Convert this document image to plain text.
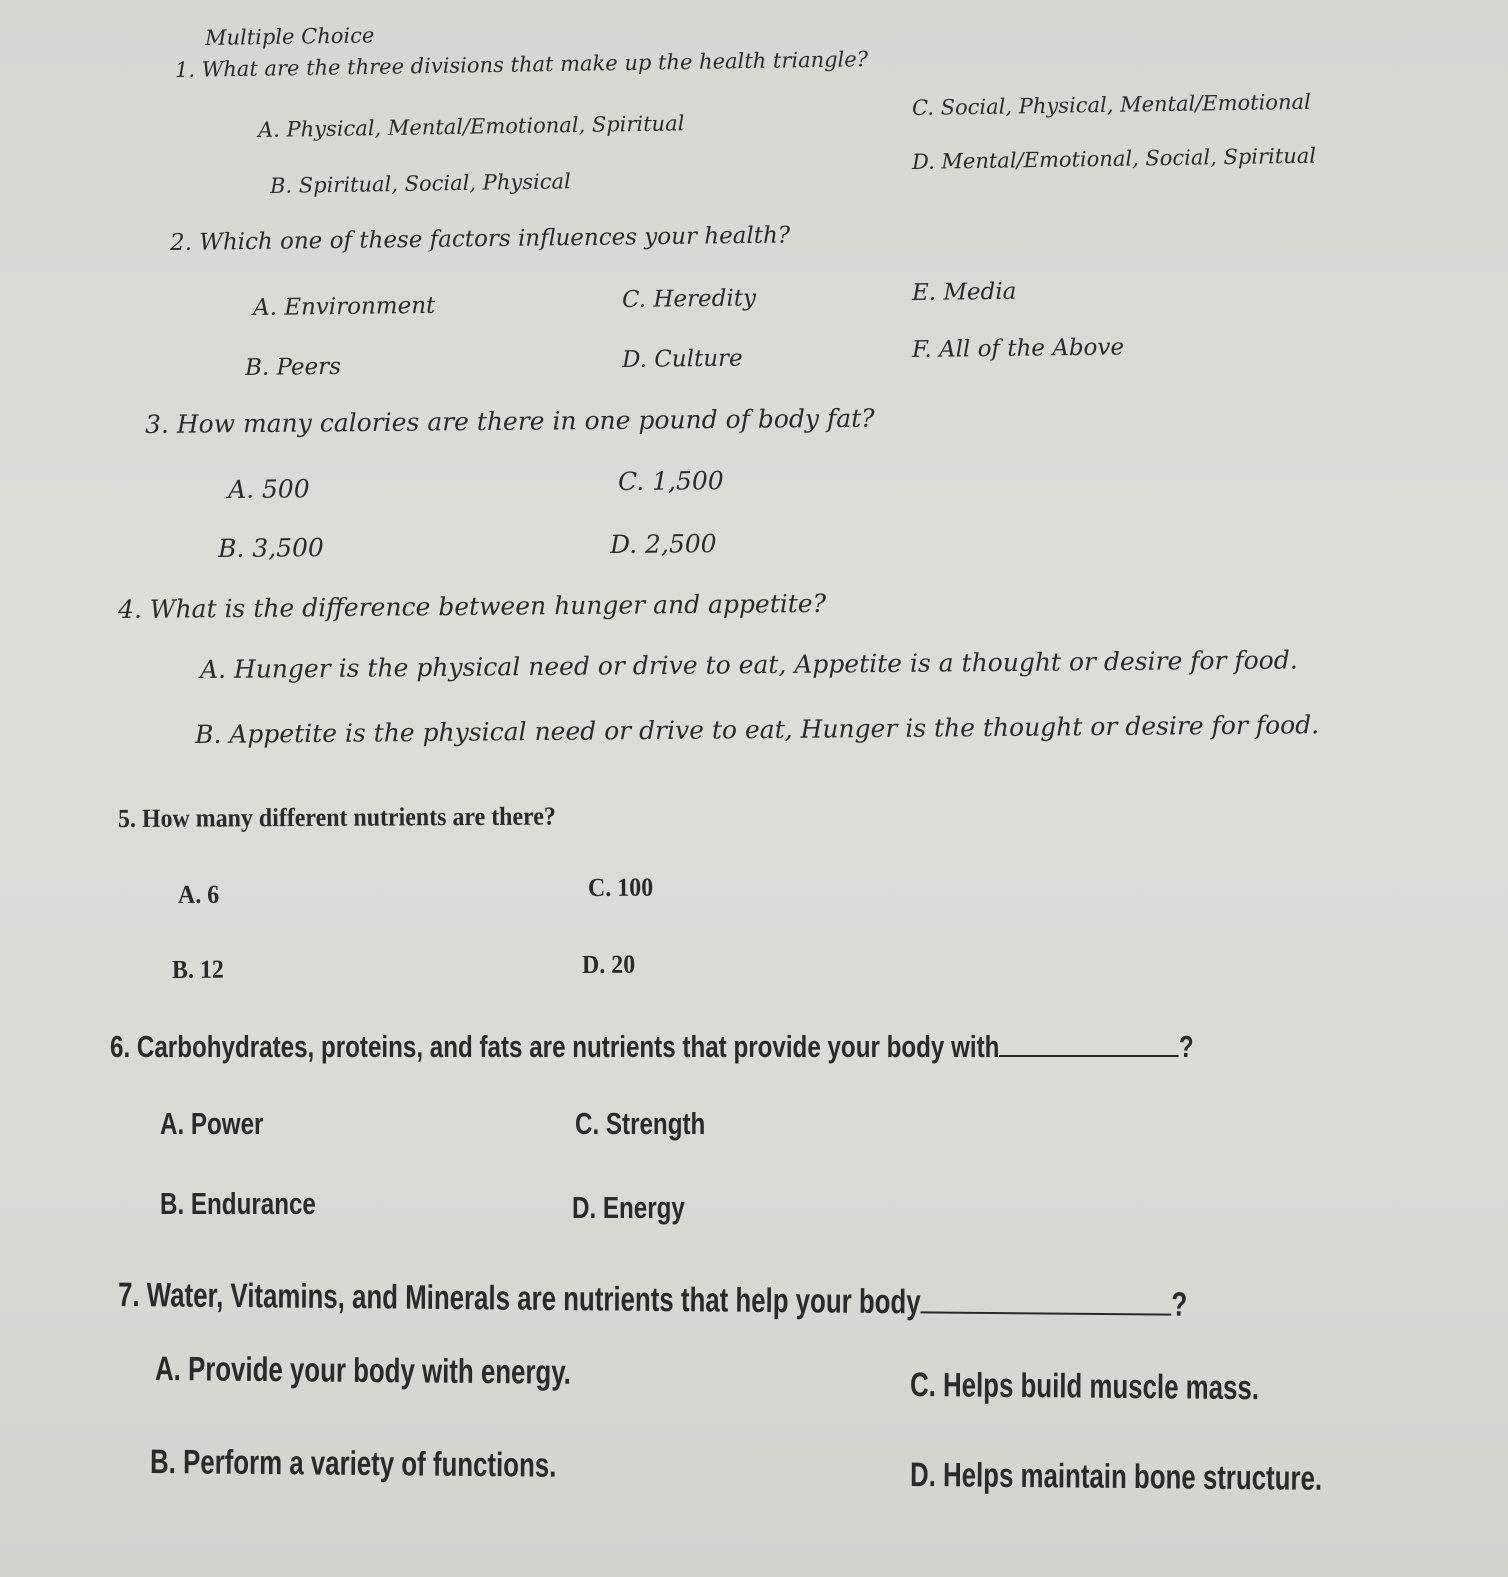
Multiple Choice
1. What are the three divisions that make up the health triangle?
A. Physical, Mental/Emotional, Spiritual
C. Social, Physical, Mental/Emotional
B. Spiritual, Social, Physical
D. Mental/Emotional, Social, Spiritual
2. Which one of these factors influences your health?
A. Environment	C. Heredity	E. Media
B. Peers	D. Culture	F. All of the Above
3. How many calories are there in one pound of body fat?
A. 500	C. 1,500
B. 3,500	D. 2,500
4. What is the difference between hunger and appetite?
A. Hunger is the physical need or drive to eat, Appetite is a thought or desire for food.
B. Appetite is the physical need or drive to eat, Hunger is the thought or desire for food.
5. How many different nutrients are there?
A. 6	C. 100
B. 12	D. 20
6. Carbohydrates, proteins, and fats are nutrients that provide your body with	?
A. Power	C. Strength
B. Endurance	D. Energy
7. Water, Vitamins, and Minerals are nutrients that help your body	?
A. Provide your body with energy.	C. Helps build muscle mass.
B. Perform a variety of functions.	D. Helps maintain bone structure.
